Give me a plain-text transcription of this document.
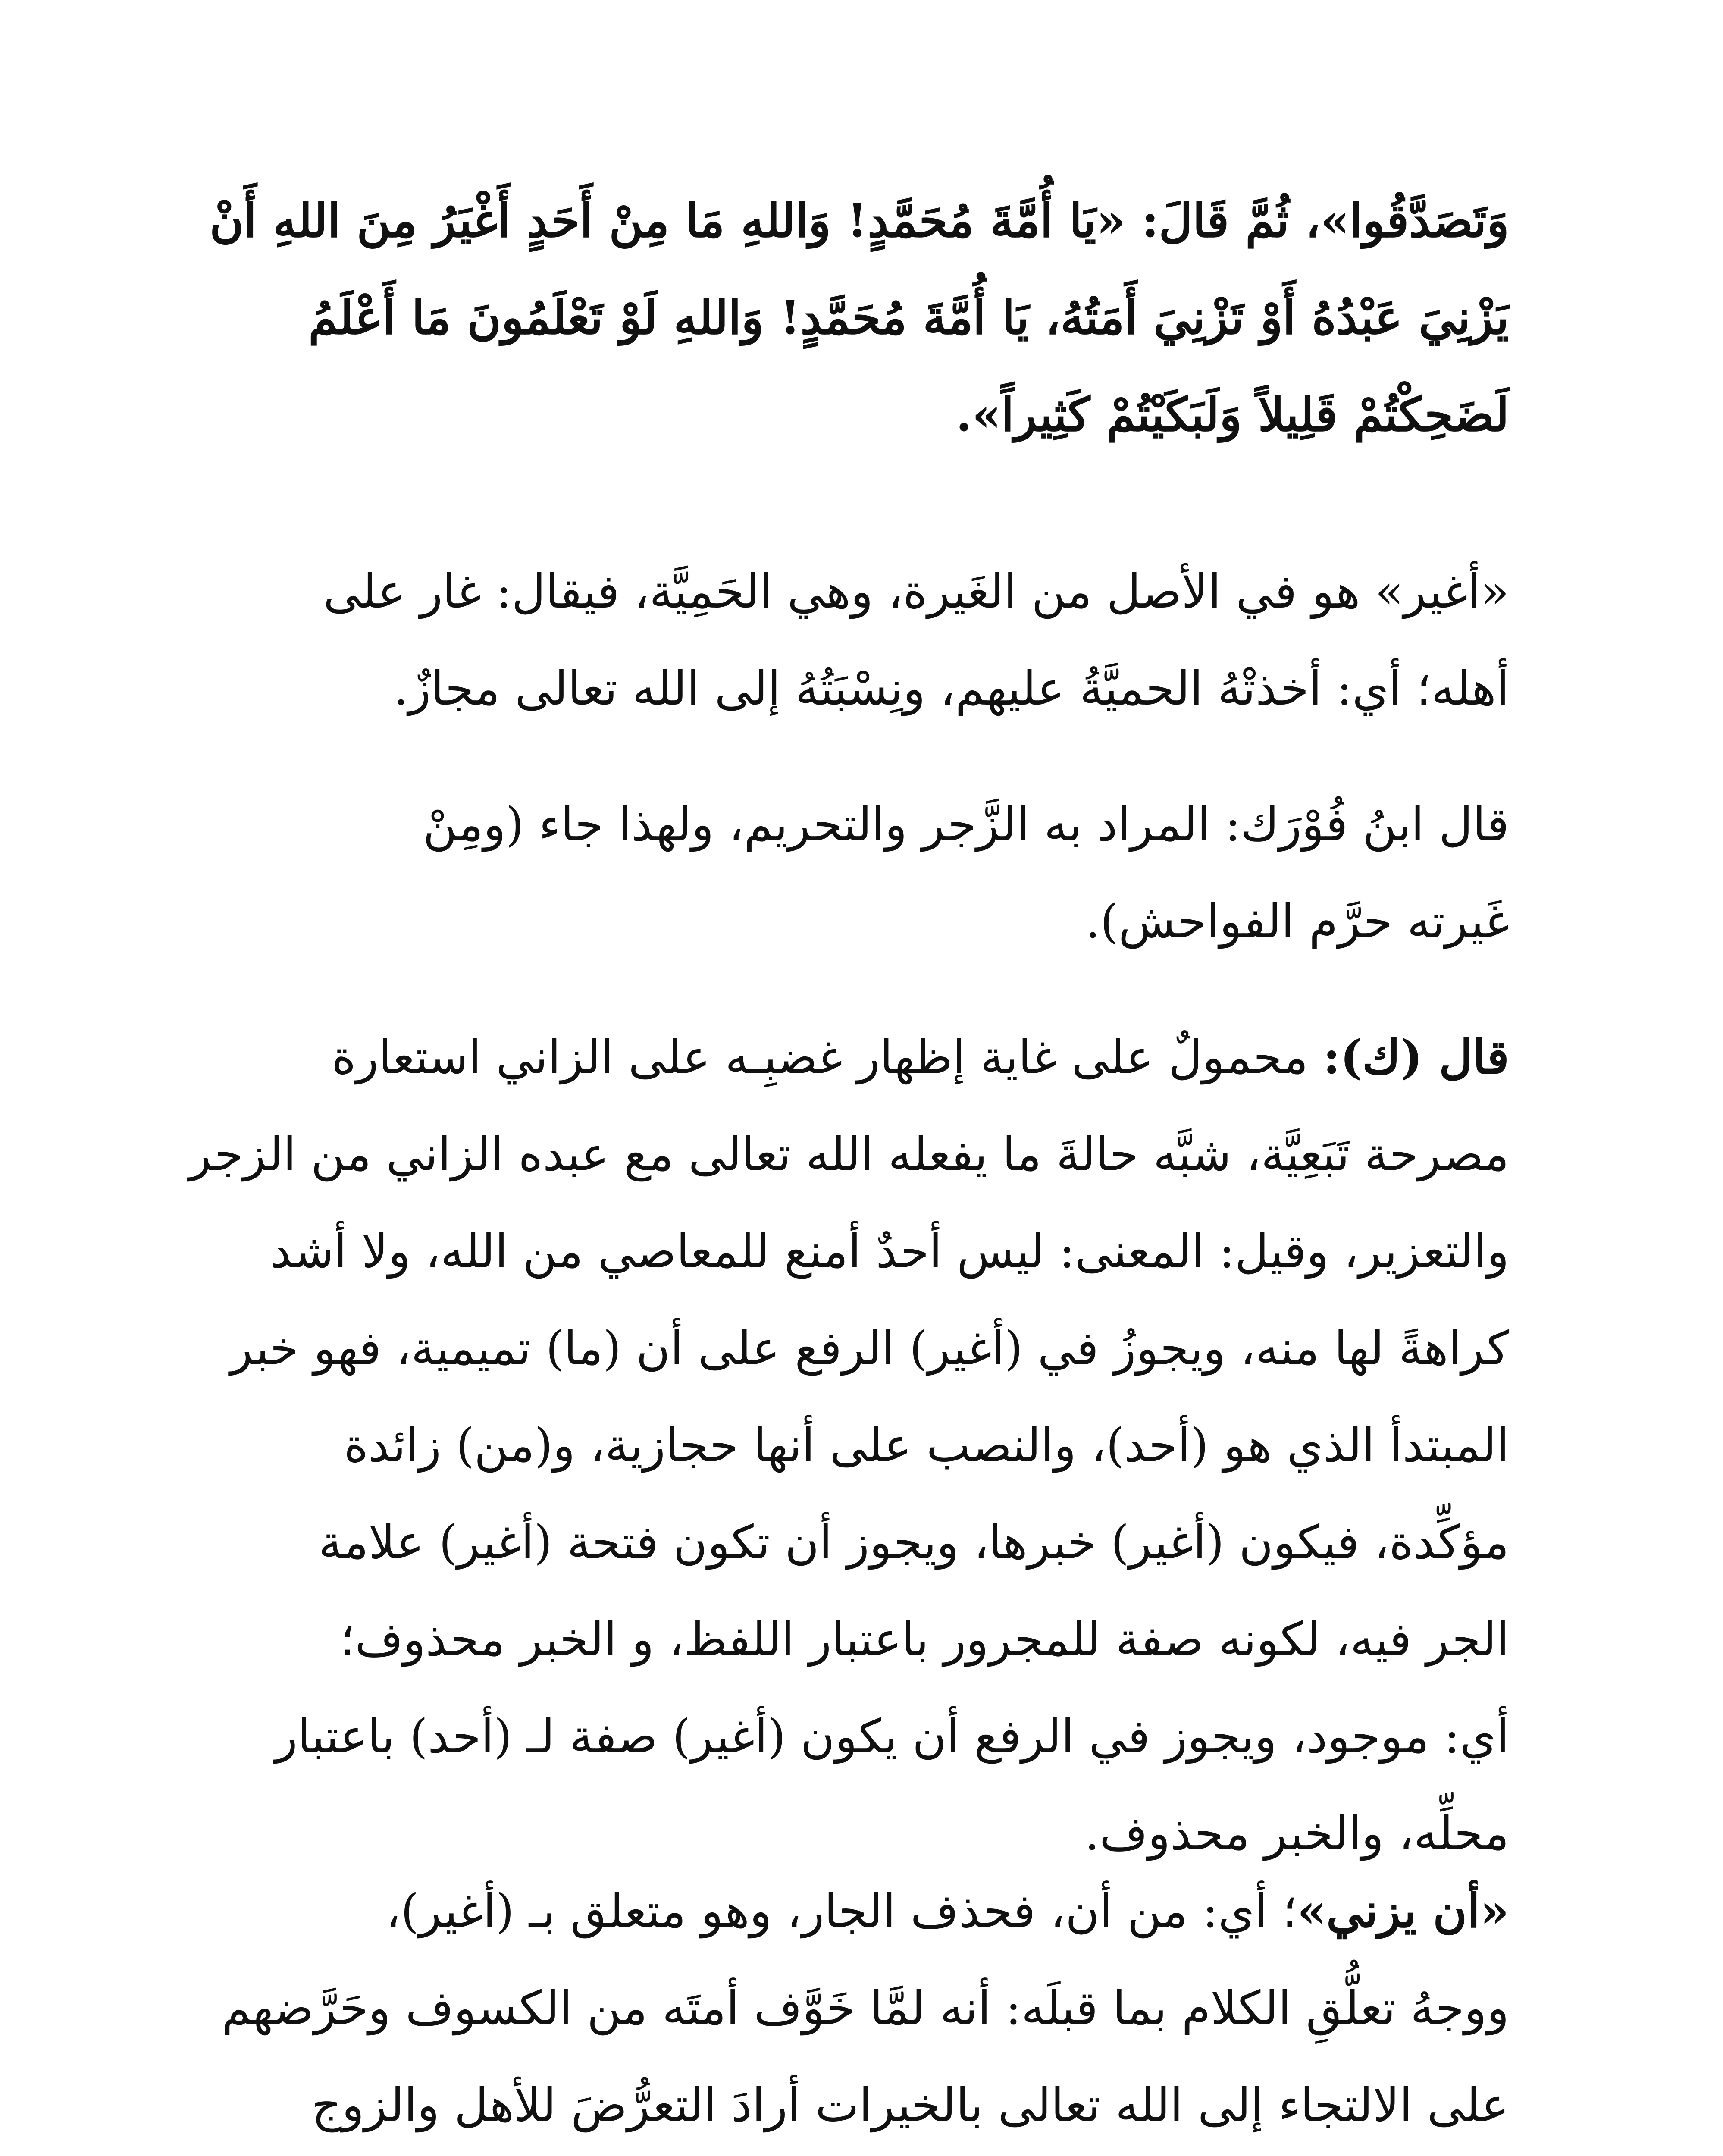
وَتَصَدَّقُوا»، ثُمَّ قَالَ: «يَا أُمَّةَ مُحَمَّدٍ! وَاللهِ مَا مِنْ أَحَدٍ أَغْيَرُ مِنَ اللهِ أَنْ
يَزْنِيَ عَبْدُهُ أَوْ تَزْنِيَ أَمَتُهُ، يَا أُمَّةَ مُحَمَّدٍ! وَاللهِ لَوْ تَعْلَمُونَ مَا أَعْلَمُ
لَضَحِكْتُمْ قَلِيلاً وَلَبَكَيْتُمْ كَثِيراً».
«أغير» هو في الأصل من الغَيرة، وهي الحَمِيَّة، فيقال: غار على
أهله؛ أي: أخذتْهُ الحميَّةُ عليهم، ونِسْبَتُهُ إلى الله تعالى مجازٌ.
قال ابنُ فُوْرَك: المراد به الزَّجر والتحريم، ولهذا جاء (ومِنْ
غَيرته حرَّم الفواحش).
قال (ك): محمولٌ على غاية إظهار غضبِـه على الزاني استعارة
مصرحة تَبَعِيَّة، شبَّه حالةَ ما يفعله الله تعالى مع عبده الزاني من الزجر
والتعزير، وقيل: المعنى: ليس أحدٌ أمنع للمعاصي من الله، ولا أشد
كراهةً لها منه، ويجوزُ في (أغير) الرفع على أن (ما) تميمية، فهو خبر
المبتدأ الذي هو (أحد)، والنصب على أنها حجازية، و(من) زائدة
مؤكِّدة، فيكون (أغير) خبرها، ويجوز أن تكون فتحة (أغير) علامة
الجر فيه، لكونه صفة للمجرور باعتبار اللفظ، و الخبر محذوف؛
أي: موجود، ويجوز في الرفع أن يكون (أغير) صفة لـ (أحد) باعتبار
محلِّه، والخبر محذوف.
«أن يزني»؛ أي: من أن، فحذف الجار، وهو متعلق بـ (أغير)،
ووجهُ تعلُّقِ الكلام بما قبلَه: أنه لمَّا خَوَّف أمتَه من الكسوف وحَرَّضهم
على الالتجاء إلى الله تعالى بالخيرات أرادَ التعرُّضَ للأهل والزوج
